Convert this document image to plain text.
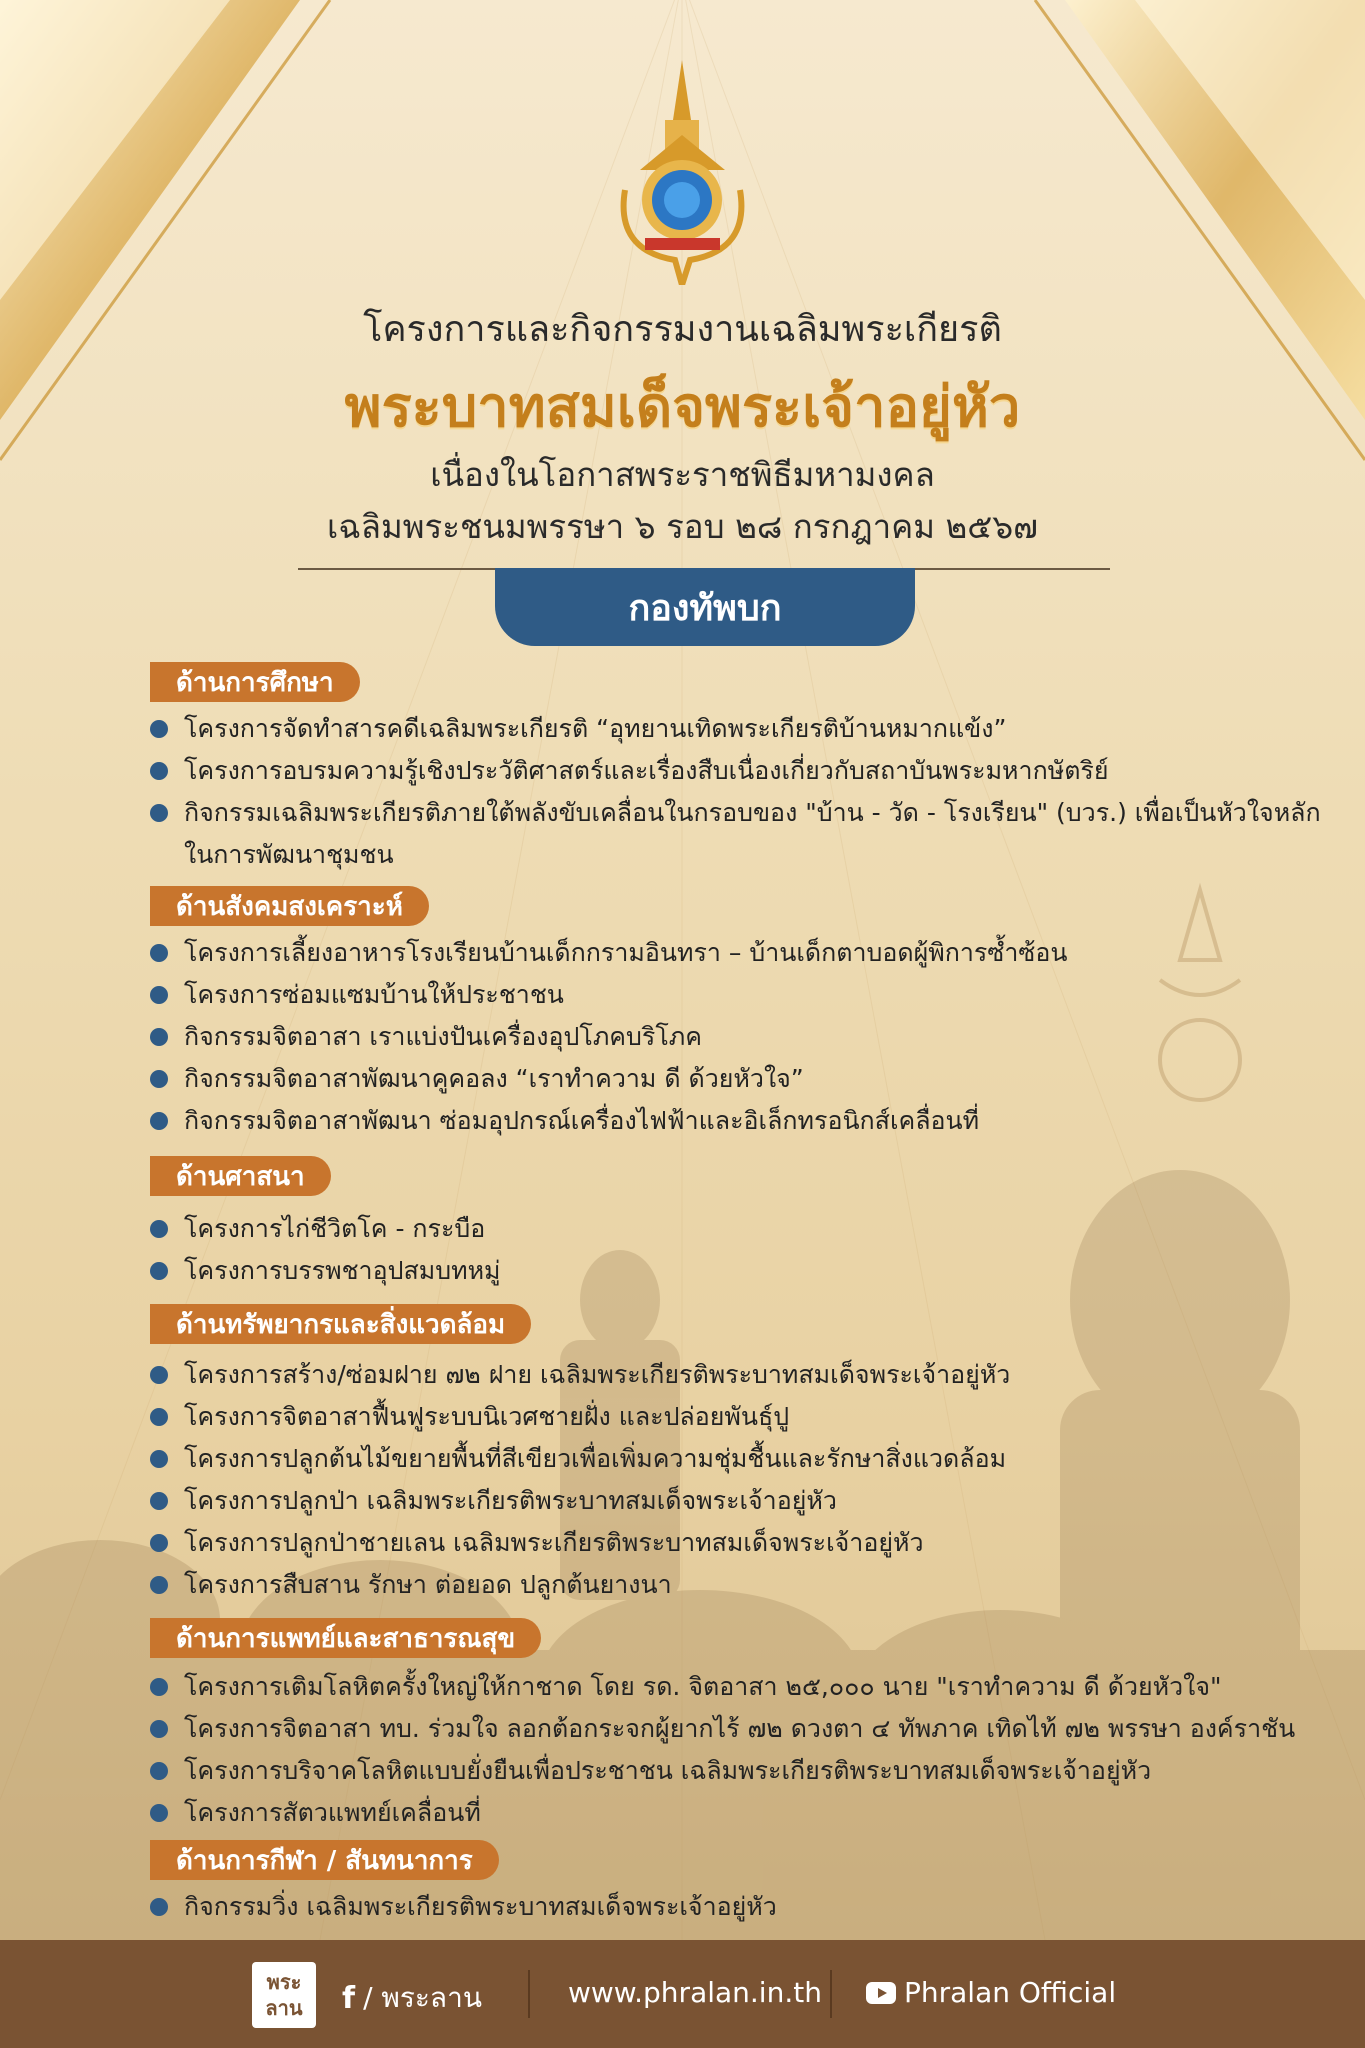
โครงการและกิจกรรมงานเฉลิมพระเกียรติ
พระบาทสมเด็จพระเจ้าอยู่หัว
เนื่องในโอกาสพระราชพิธีมหามงคล
เฉลิมพระชนมพรรษา ๖ รอบ ๒๘ กรกฎาคม ๒๕๖๗
กองทัพบก
ด้านการศึกษา
โครงการจัดทำสารคดีเฉลิมพระเกียรติ “อุทยานเทิดพระเกียรติบ้านหมากแข้ง”
โครงการอบรมความรู้เชิงประวัติศาสตร์และเรื่องสืบเนื่องเกี่ยวกับสถาบันพระมหากษัตริย์
กิจกรรมเฉลิมพระเกียรติภายใต้พลังขับเคลื่อนในกรอบของ "บ้าน - วัด - โรงเรียน" (บวร.) เพื่อเป็นหัวใจหลักในการพัฒนาชุมชน
ด้านสังคมสงเคราะห์
โครงการเลี้ยงอาหารโรงเรียนบ้านเด็กกรามอินทรา – บ้านเด็กตาบอดผู้พิการซ้ำซ้อน
โครงการซ่อมแซมบ้านให้ประชาชน
กิจกรรมจิตอาสา เราแบ่งปันเครื่องอุปโภคบริโภค
กิจกรรมจิตอาสาพัฒนาคูคอลง “เราทำความ ดี ด้วยหัวใจ”
กิจกรรมจิตอาสาพัฒนา ซ่อมอุปกรณ์เครื่องไฟฟ้าและอิเล็กทรอนิกส์เคลื่อนที่
ด้านศาสนา
โครงการไก่ชีวิตโค - กระบือ
โครงการบรรพชาอุปสมบทหมู่
ด้านทรัพยากรและสิ่งแวดล้อม
โครงการสร้าง/ซ่อมฝาย ๗๒ ฝาย เฉลิมพระเกียรติพระบาทสมเด็จพระเจ้าอยู่หัว
โครงการจิตอาสาฟื้นฟูระบบนิเวศชายฝั่ง และปล่อยพันธุ์ปู
โครงการปลูกต้นไม้ขยายพื้นที่สีเขียวเพื่อเพิ่มความชุ่มชื้นและรักษาสิ่งแวดล้อม
โครงการปลูกป่า เฉลิมพระเกียรติพระบาทสมเด็จพระเจ้าอยู่หัว
โครงการปลูกป่าชายเลน เฉลิมพระเกียรติพระบาทสมเด็จพระเจ้าอยู่หัว
โครงการสืบสาน รักษา ต่อยอด ปลูกต้นยางนา
ด้านการแพทย์และสาธารณสุข
โครงการเติมโลหิตครั้งใหญ่ให้กาชาด โดย รด. จิตอาสา ๒๕,๐๐๐ นาย "เราทำความ ดี ด้วยหัวใจ"
โครงการจิตอาสา ทบ. ร่วมใจ ลอกต้อกระจกผู้ยากไร้ ๗๒ ดวงตา ๔ ทัพภาค เทิดไท้ ๗๒ พรรษา องค์ราชัน
โครงการบริจาคโลหิตแบบยั่งยืนเพื่อประชาชน เฉลิมพระเกียรติพระบาทสมเด็จพระเจ้าอยู่หัว
โครงการสัตวแพทย์เคลื่อนที่
ด้านการกีฬา / สันทนาการ
กิจกรรมวิ่ง เฉลิมพระเกียรติพระบาทสมเด็จพระเจ้าอยู่หัว
พระ
ลาน f / พระลาน	www.phralan.in.th	Phralan Official
